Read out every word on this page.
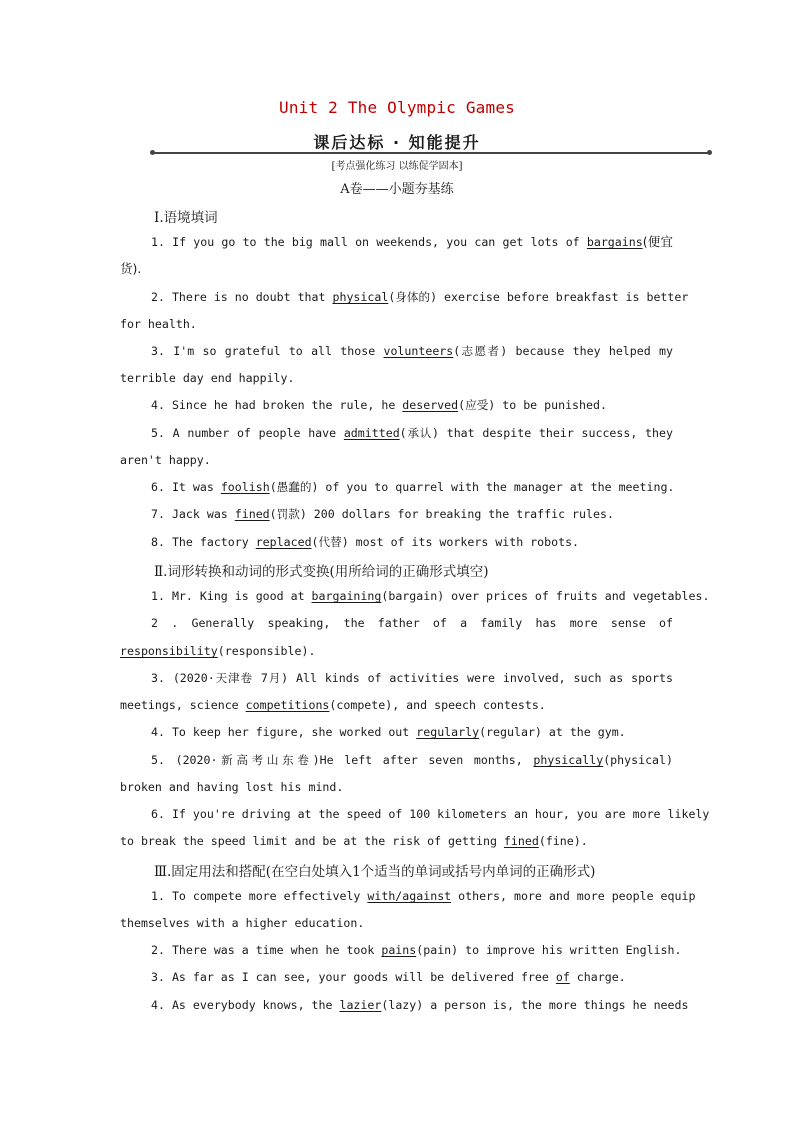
Unit 2 The Olympic Games
课后达标 · 知能提升
[考点强化练习 以练促学固本]
A卷——小题夯基练
Ⅰ.语境填词
1. If you go to the big mall on weekends, you can get lots of bargains(便宜
货).
2. There is no doubt that physical(身体的) exercise before breakfast is better
for health.
3. I'm so grateful to all those volunteers(志愿者) because they helped my
terrible day end happily.
4. Since he had broken the rule, he deserved(应受) to be punished.
5. A number of people have admitted(承认) that despite their success, they
aren't happy.
6. It was foolish(愚蠢的) of you to quarrel with the manager at the meeting.
7. Jack was fined(罚款) 200 dollars for breaking the traffic rules.
8. The factory replaced(代替) most of its workers with robots.
Ⅱ.词形转换和动词的形式变换(用所给词的正确形式填空)
1. Mr. King is good at bargaining(bargain) over prices of fruits and vegetables.
2 . Generally speaking, the father of a family has more sense of
responsibility(responsible).
3. (2020·天津卷 7月) All kinds of activities were involved, such as sports
meetings, science competitions(compete), and speech contests.
4. To keep her figure, she worked out regularly(regular) at the gym.
5. (2020·新高考山东卷)He left after seven months, physically(physical)
broken and having lost his mind.
6. If you're driving at the speed of 100 kilometers an hour, you are more likely
to break the speed limit and be at the risk of getting fined(fine).
Ⅲ.固定用法和搭配(在空白处填入1个适当的单词或括号内单词的正确形式)
1. To compete more effectively with/against others, more and more people equip
themselves with a higher education.
2. There was a time when he took pains(pain) to improve his written English.
3. As far as I can see, your goods will be delivered free of charge.
4. As everybody knows, the lazier(lazy) a person is, the more things he needs
